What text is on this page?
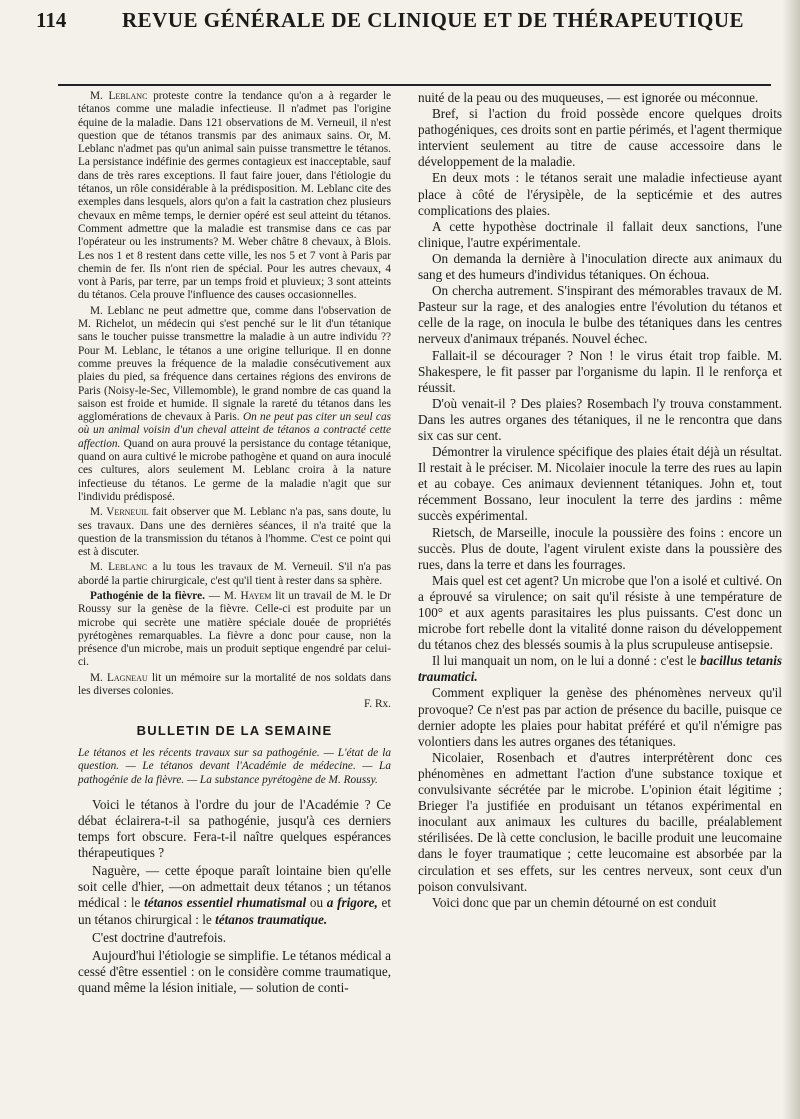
114	REVUE GÉNÉRALE DE CLINIQUE ET DE THÉRAPEUTIQUE

M. Leblanc proteste contre la tendance qu'on a à regarder le tétanos comme une maladie infectieuse. Il n'admet pas l'origine équine de la maladie. Dans 121 observations de M. Verneuil, il n'est question que de tétanos transmis par des animaux sains. Or, M. Leblanc n'admet pas qu'un animal sain puisse transmettre le tétanos. La persistance indéfinie des germes contagieux est inacceptable, sauf dans de très rares exceptions. Il faut faire jouer, dans l'étiologie du tétanos, un rôle considérable à la prédisposition. M. Leblanc cite des exemples dans lesquels, alors qu'on a fait la castration chez plusieurs chevaux en même temps, le dernier opéré est seul atteint du tétanos. Comment admettre que la maladie est transmise dans ce cas par l'opérateur ou les instruments? M. Weber châtre 8 chevaux, à Blois. Les nos 1 et 8 restent dans cette ville, les nos 5 et 7 vont à Paris par chemin de fer. Ils n'ont rien de spécial. Pour les autres chevaux, 4 vont à Paris, par terre, par un temps froid et pluvieux; 3 sont atteints du tétanos. Cela prouve l'influence des causes occasionnelles.

M. Leblanc ne peut admettre que, comme dans l'observation de M. Richelot, un médecin qui s'est penché sur le lit d'un tétanique sans le toucher puisse transmettre la maladie à un autre individu ?? Pour M. Leblanc, le tétanos a une origine tellurique. Il en donne comme preuves la fréquence de la maladie consécutivement aux plaies du pied, sa fréquence dans certaines régions des environs de Paris (Noisy-le-Sec, Villemomble), le grand nombre de cas quand la saison est froide et humide. Il signale la rareté du tétanos dans les agglomérations de chevaux à Paris. On ne peut pas citer un seul cas où un animal voisin d'un cheval atteint de tétanos a contracté cette affection. Quand on aura prouvé la persistance du contage tétanique, quand on aura cultivé le microbe pathogène et quand on aura inoculé ces cultures, alors seulement M. Leblanc croira à la nature infectieuse du tétanos. Le germe de la maladie n'agit que sur l'individu prédisposé.

M. Verneuil fait observer que M. Leblanc n'a pas, sans doute, lu ses travaux. Dans une des dernières séances, il n'a traité que la question de la transmission du tétanos à l'homme. C'est ce point qui est à discuter.

M. Leblanc a lu tous les travaux de M. Verneuil. S'il n'a pas abordé la partie chirurgicale, c'est qu'il tient à rester dans sa sphère.

Pathogénie de la fièvre. — M. Hayem lit un travail de M. le Dr Roussy sur la genèse de la fièvre. Celle-ci est produite par un microbe qui secrète une matière spéciale douée de propriétés pyrétogènes remarquables. La fièvre a donc pour cause, non la présence d'un microbe, mais un produit septique engendré par celui-ci.

M. Lagneau lit un mémoire sur la mortalité de nos soldats dans les diverses colonies.

F. Rx.
BULLETIN DE LA SEMAINE
Le tétanos et les récents travaux sur sa pathogénie. — L'état de la question. — Le tétanos devant l'Académie de médecine. — La pathogénie de la fièvre. — La substance pyrétogène de M. Roussy.

Voici le tétanos à l'ordre du jour de l'Académie ? Ce débat éclairera-t-il sa pathogénie, jusqu'à ces derniers temps fort obscure. Fera-t-il naître quelques espérances thérapeutiques ?

Naguère, — cette époque paraît lointaine bien qu'elle soit celle d'hier, —on admettait deux tétanos ; un tétanos médical : le tétanos essentiel rhumatismal ou a frigore, et un tétanos chirurgical : le tétanos traumatique.

C'est doctrine d'autrefois.

Aujourd'hui l'étiologie se simplifie. Le tétanos médical a cessé d'être essentiel : on le considère comme traumatique, quand même la lésion initiale, — solution de conti-

nuité de la peau ou des muqueuses, — est ignorée ou méconnue.

Bref, si l'action du froid possède encore quelques droits pathogéniques, ces droits sont en partie périmés, et l'agent thermique intervient seulement au titre de cause accessoire dans le développement de la maladie.

En deux mots : le tétanos serait une maladie infectieuse ayant place à côté de l'érysipèle, de la septicémie et des autres complications des plaies.

A cette hypothèse doctrinale il fallait deux sanctions, l'une clinique, l'autre expérimentale.

On demanda la dernière à l'inoculation directe aux animaux du sang et des humeurs d'individus tétaniques. On échoua.

On chercha autrement. S'inspirant des mémorables travaux de M. Pasteur sur la rage, et des analogies entre l'évolution du tétanos et celle de la rage, on inocula le bulbe des tétaniques dans les centres nerveux d'animaux trépanés. Nouvel échec.

Fallait-il se décourager ? Non ! le virus était trop faible. M. Shakespere, le fit passer par l'organisme du lapin. Il le renforça et réussit.

D'où venait-il ? Des plaies? Rosembach l'y trouva constamment. Dans les autres organes des tétaniques, il ne le rencontra que dans six cas sur cent.

Démontrer la virulence spécifique des plaies était déjà un résultat. Il restait à le préciser. M. Nicolaier inocule la terre des rues au lapin et au cobaye. Ces animaux deviennent tétaniques. John et, tout récemment Bossano, leur inoculent la terre des jardins : même succès expérimental.

Rietsch, de Marseille, inocule la poussière des foins : encore un succès. Plus de doute, l'agent virulent existe dans la poussière des rues, dans la terre et dans les fourrages.

Mais quel est cet agent? Un microbe que l'on a isolé et cultivé. On a éprouvé sa virulence; on sait qu'il résiste à une température de 100° et aux agents parasitaires les plus puissants. C'est donc un microbe fort rebelle dont la vitalité donne raison du développement du tétanos chez des blessés soumis à la plus scrupuleuse antisepsie.

Il lui manquait un nom, on le lui a donné : c'est le bacillus tetanis traumatici.

Comment expliquer la genèse des phénomènes nerveux qu'il provoque? Ce n'est pas par action de présence du bacille, puisque ce dernier adopte les plaies pour habitat préféré et qu'il n'émigre pas volontiers dans les autres organes des tétaniques.

Nicolaier, Rosenbach et d'autres interprétèrent donc ces phénomènes en admettant l'action d'une substance toxique et convulsivante sécrétée par le microbe. L'opinion était légitime ; Brieger l'a justifiée en produisant un tétanos expérimental en inoculant aux animaux les cultures du bacille, préalablement stérilisées. De là cette conclusion, le bacille produit une leucomaine dans le foyer traumatique ; cette leucomaine est absorbée par la circulation et ses effets, sur les centres nerveux, sont ceux d'un poison convulsivant.

Voici donc que par un chemin détourné on est conduit
